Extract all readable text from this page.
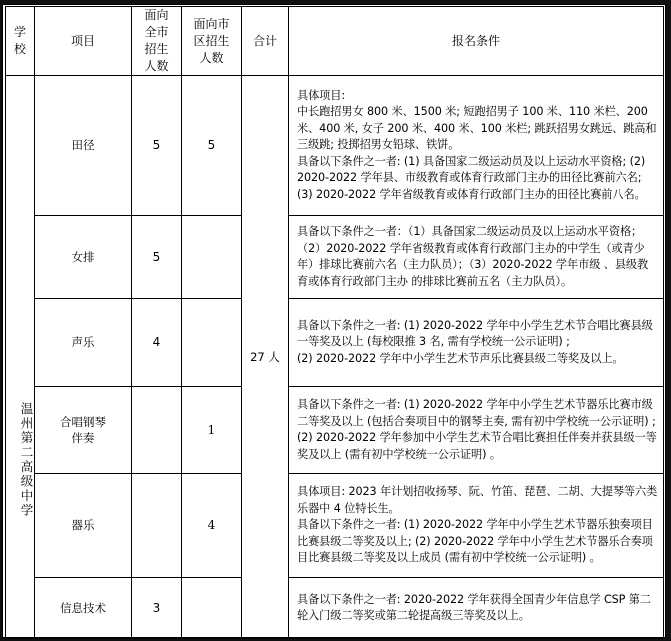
学校	项目	面向全市招生人数	面向市区招生人数	合计	报名条件
温州第二高级中学	田径	5	5	27 人	具体项目:

中长跑招男女 800 米、1500 米; 短跑招男子 100 米、110 米栏、200 米、400 米, 女子 200 米、400 米、100 米栏; 跳跃招男女跳远、跳高和三级跳; 投掷招男女铅球、铁饼。

具备以下条件之一者: (1) 具备国家二级运动员及以上运动水平资格; (2) 2020-2022 学年县、市级教育或体育行政部门主办的田径比赛前六名; (3) 2020-2022 学年省级教育或体育行政部门主办的田径比赛前八名。

	女排	5			具备以下条件之一者：（1）具备国家二级运动员及以上运动水平资格；（2）2020-2022 学年省级教育或体育行政部门主办的中学生（或青少年）排球比赛前六名（主力队员）；（3）2020-2022 学年市级 、县级教育或体育行政部门主办 的排球比赛前五名（主力队员）。

	声乐	4			具备以下条件之一者: (1) 2020-2022 学年中小学生艺术节合唱比赛县级一等奖及以上 (每校限推 3 名, 需有学校统一公示证明) ;

(2) 2020-2022 学年中小学生艺术节声乐比赛县级二等奖及以上。

	合唱钢琴伴奏		1		具备以下条件之一者: (1) 2020-2022 学年中小学生艺术节器乐比赛市级二等奖及以上 (包括合奏项目中的钢琴主奏, 需有初中学校统一公示证明) ; (2) 2020-2022 学年参加中小学生艺术节合唱比赛担任伴奏并获县级一等奖及以上 (需有初中学校统一公示证明) 。

	器乐		4		具体项目: 2023 年计划招收扬琴、阮、竹笛、琵琶、二胡、大提琴等六类乐器中 4 位特长生。

具备以下条件之一者: (1) 2020-2022 学年中小学生艺术节器乐独奏项目比赛县级二等奖及以上; (2) 2020-2022 学年中小学生艺术节器乐合奏项目比赛县级二等奖及以上成员 (需有初中学校统一公示证明) 。

	信息技术	3			具备以下条件之一者: 2020-2022 学年获得全国青少年信息学 CSP 第二轮入门级二等奖或第二轮提高级三等奖及以上。
